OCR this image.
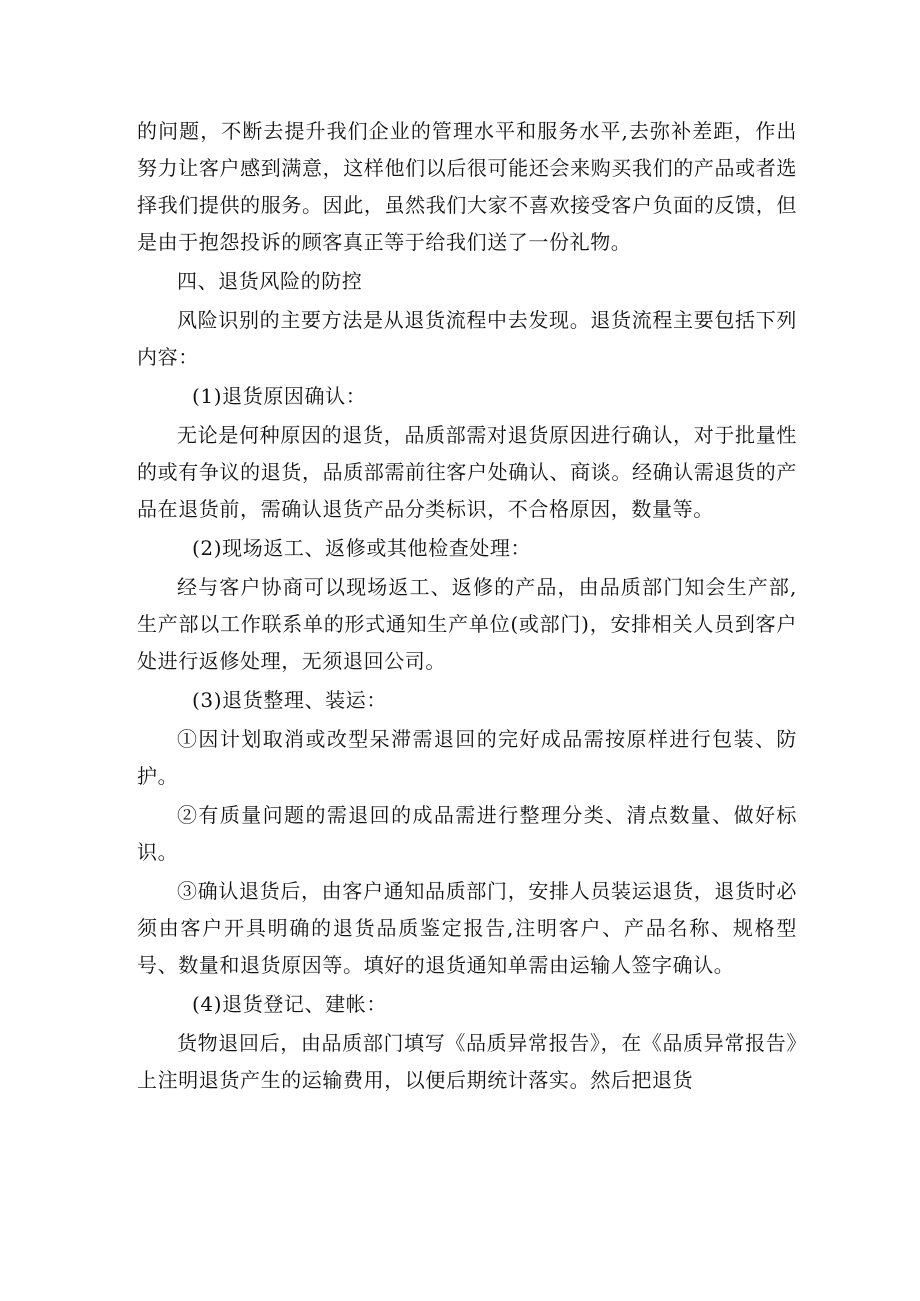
的问题，不断去提升我们企业的管理水平和服务水平,去弥补差距，作出努力让客户感到满意，这样他们以后很可能还会来购买我们的产品或者选择我们提供的服务。因此，虽然我们大家不喜欢接受客户负面的反馈，但是由于抱怨投诉的顾客真正等于给我们送了一份礼物。

四、退货风险的防控

风险识别的主要方法是从退货流程中去发现。退货流程主要包括下列内容：

(1)退货原因确认：

无论是何种原因的退货，品质部需对退货原因进行确认，对于批量性的或有争议的退货，品质部需前往客户处确认、商谈。经确认需退货的产品在退货前，需确认退货产品分类标识，不合格原因，数量等。

(2)现场返工、返修或其他检查处理：

经与客户协商可以现场返工、返修的产品，由品质部门知会生产部,生产部以工作联系单的形式通知生产单位(或部门)，安排相关人员到客户处进行返修处理，无须退回公司。

(3)退货整理、装运：

①因计划取消或改型呆滞需退回的完好成品需按原样进行包装、防护。

②有质量问题的需退回的成品需进行整理分类、清点数量、做好标识。

③确认退货后，由客户通知品质部门，安排人员装运退货，退货时必须由客户开具明确的退货品质鉴定报告,注明客户、产品名称、规格型号、数量和退货原因等。填好的退货通知单需由运输人签字确认。

(4)退货登记、建帐：

货物退回后，由品质部门填写《品质异常报告》，在《品质异常报告》上注明退货产生的运输费用，以便后期统计落实。然后把退货
